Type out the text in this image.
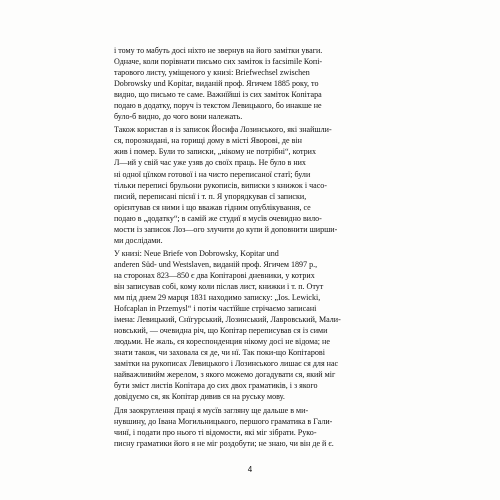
і тому то мабуть досі ніхто не звернув на його замітки уваги.
Одначе, коли порівнати письмо сих заміток із facsimile Копі-
тарового листу, уміщеного у книзі: Briefwechsel zwischen
Dobrowsky und Kopitar, виданій проф. Ягичем 1885 року, то
видно, що письмо те саме. Важнїйші із сих заміток Копітара
подаю в додатку, поруч із текстом Левицького, бо инакше не
було-б видно, до чого вони належать.
Також користав я із записок Йосифа Лозинського, які знайшли-
ся, порозкидані, на горищі дому в місті Яворові, де він
жив і помер. Були то записки, „нікому не потрібні“, котрих
Л—ий у свій час уже узяв до своїх праць. Не було в них
ні одної цїлком готової і на чисто переписаної статї; були
тільки переписі брульони рукописів, виписки з книжок і часо-
писий, переписані піснї і т. п. Я упорядкував сї записки,
орієнтував ся ними і що вважав гідним опублікування, се
подаю в „додатку“; в самій же студиї я мусїв очевидно вило-
мости із записок Лоз—ого злучити до купи й доповнити ширши-
ми дослідами.
У книзі: Neue Briefe von Dobrowsky, Kopitar und
anderen Süd- und Westslaven, виданій проф. Ягичем 1897 р.,
на сторонах 823—850 є два Копітарові дневники, у котрих
він записував собі, кому коли післав лист, книжки і т. п. Отут
мм під днем 29 марця 1831 находимо записку: „Ios. Lewicki,
Hofcaplan in Przemysl“ і потім частїйше стрічаємо записані
імена: Левицький, Снїгурський, Лозинський, Лавровський, Мали-
новський, — очевидна річ, що Копітар переписував ся із сими
людьми. Не жаль, єя кореспонденция нікому досі не відома; не
знати також, чи заховала ся де, чи нї. Так поки-що Копітарові
замітки на рукописах Левицького і Лозинського лишає ся для нас
найважливийм жерелом, з якого можемо догадувати ся, який міг
бути зміст листів Копітара до сих двох граматиків, і з якого
довідуємо ся, як Копітар дивив ся на руську мову.
Для заокруглення праці я мусїв загляну ще дальше в ми-
нувшину, до Івана Могильницького, першого граматика в Гали-
чинї, і подати про нього ті відомости, які міг зібрати. Руко-
писну граматики його я не міг роздобути; не знаю, чи він де й є.
4
